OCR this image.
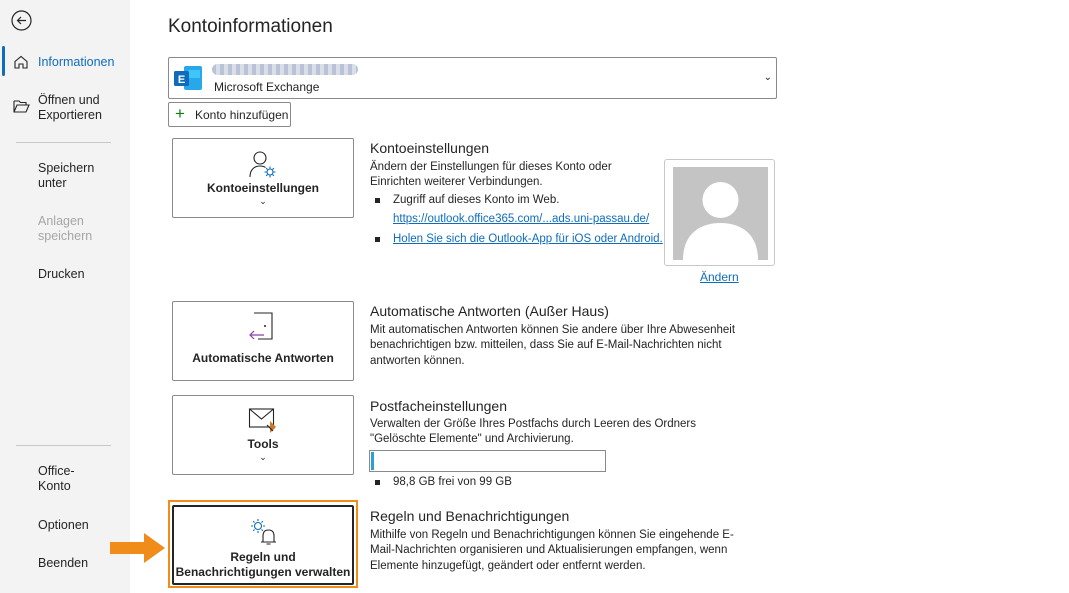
Informationen
Öffnen und Exportieren
Speichern unter
Anlagen speichern
Drucken
Office-Konto
Optionen
Beenden
Kontoinformationen
E Microsoft Exchange
⌄
+ Konto hinzufügen
Kontoeinstellungen
⌄
Kontoeinstellungen
Ändern der Einstellungen für dieses Konto oder Einrichten weiterer Verbindungen.
Zugriff auf dieses Konto im Web.
https://outlook.office365.com/...ads.uni-passau.de/
Holen Sie sich die Outlook-App für iOS oder Android.
Ändern
Automatische Antworten
Automatische Antworten (Außer Haus)
Mit automatischen Antworten können Sie andere über Ihre Abwesenheit benachrichtigen bzw. mitteilen, dass Sie auf E-Mail-Nachrichten nicht antworten können.
Tools
⌄
Postfacheinstellungen
Verwalten der Größe Ihres Postfachs durch Leeren des Ordners "Gelöschte Elemente" und Archivierung.
98,8 GB frei von 99 GB
Regeln und Benachrichtigungen verwalten
Regeln und Benachrichtigungen
Mithilfe von Regeln und Benachrichtigungen können Sie eingehende E-Mail-Nachrichten organisieren und Aktualisierungen empfangen, wenn Elemente hinzugefügt, geändert oder entfernt werden.
